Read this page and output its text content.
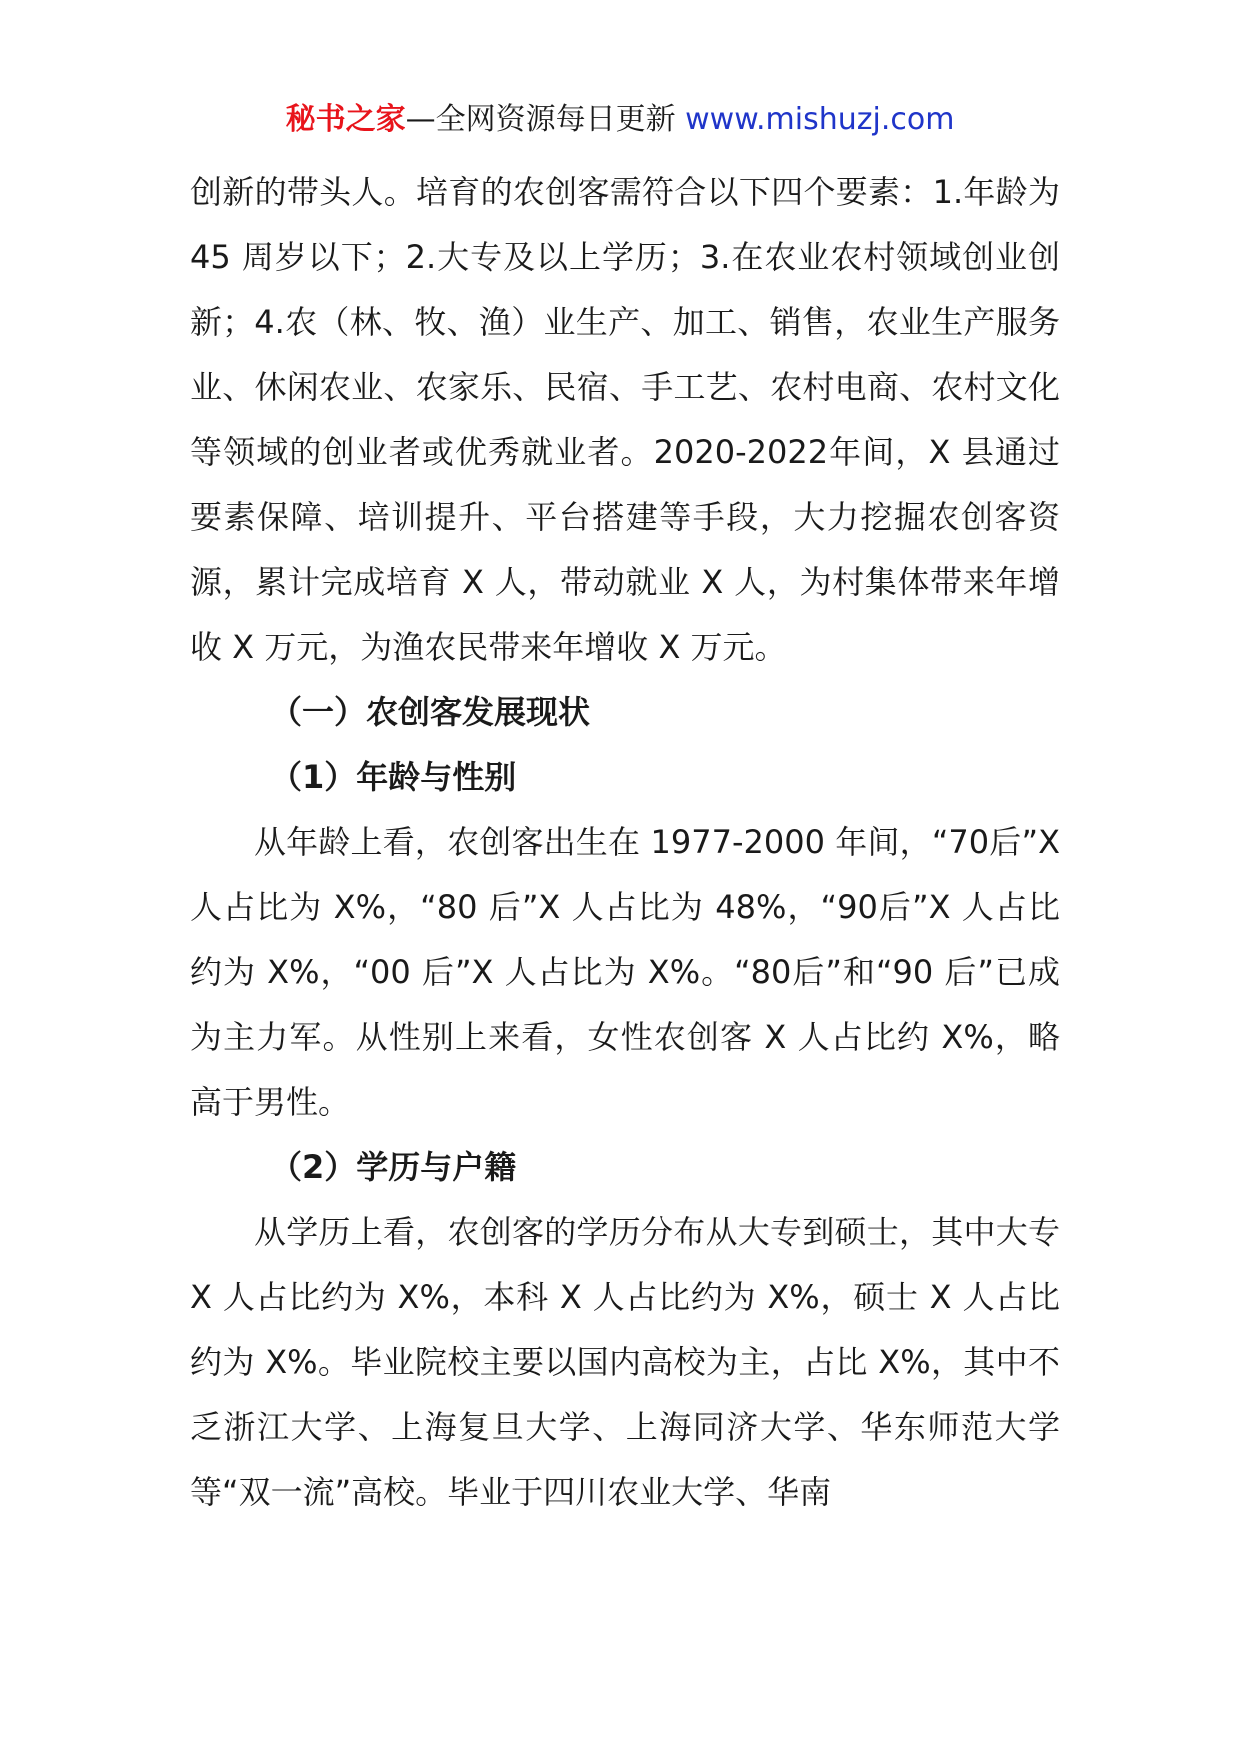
秘书之家—全网资源每日更新 www.mishuzj.com

创新的带头人。培育的农创客需符合以下四个要素：1.年龄为 45 周岁以下；2.大专及以上学历；3.在农业农村领域创业创新；4.农（林、牧、渔）业生产、加工、销售，农业生产服务业、休闲农业、农家乐、民宿、手工艺、农村电商、农村文化等领域的创业者或优秀就业者。2020-2022年间，X 县通过要素保障、培训提升、平台搭建等手段，大力挖掘农创客资源，累计完成培育 X 人，带动就业 X 人，为村集体带来年增收 X 万元，为渔农民带来年增收 X 万元。

（一）农创客发展现状

（1）年龄与性别

从年龄上看，农创客出生在 1977-2000 年间，“70后”X 人占比为 X%，“80 后”X 人占比为 48%，“90后”X 人占比约为 X%，“00 后”X 人占比为 X%。“80后”和“90 后”已成为主力军。从性别上来看，女性农创客 X 人占比约 X%，略高于男性。

（2）学历与户籍

从学历上看，农创客的学历分布从大专到硕士，其中大专 X 人占比约为 X%，本科 X 人占比约为 X%，硕士 X 人占比约为 X%。毕业院校主要以国内高校为主，占比 X%，其中不乏浙江大学、上海复旦大学、上海同济大学、华东师范大学等“双一流”高校。毕业于四川农业大学、华南
